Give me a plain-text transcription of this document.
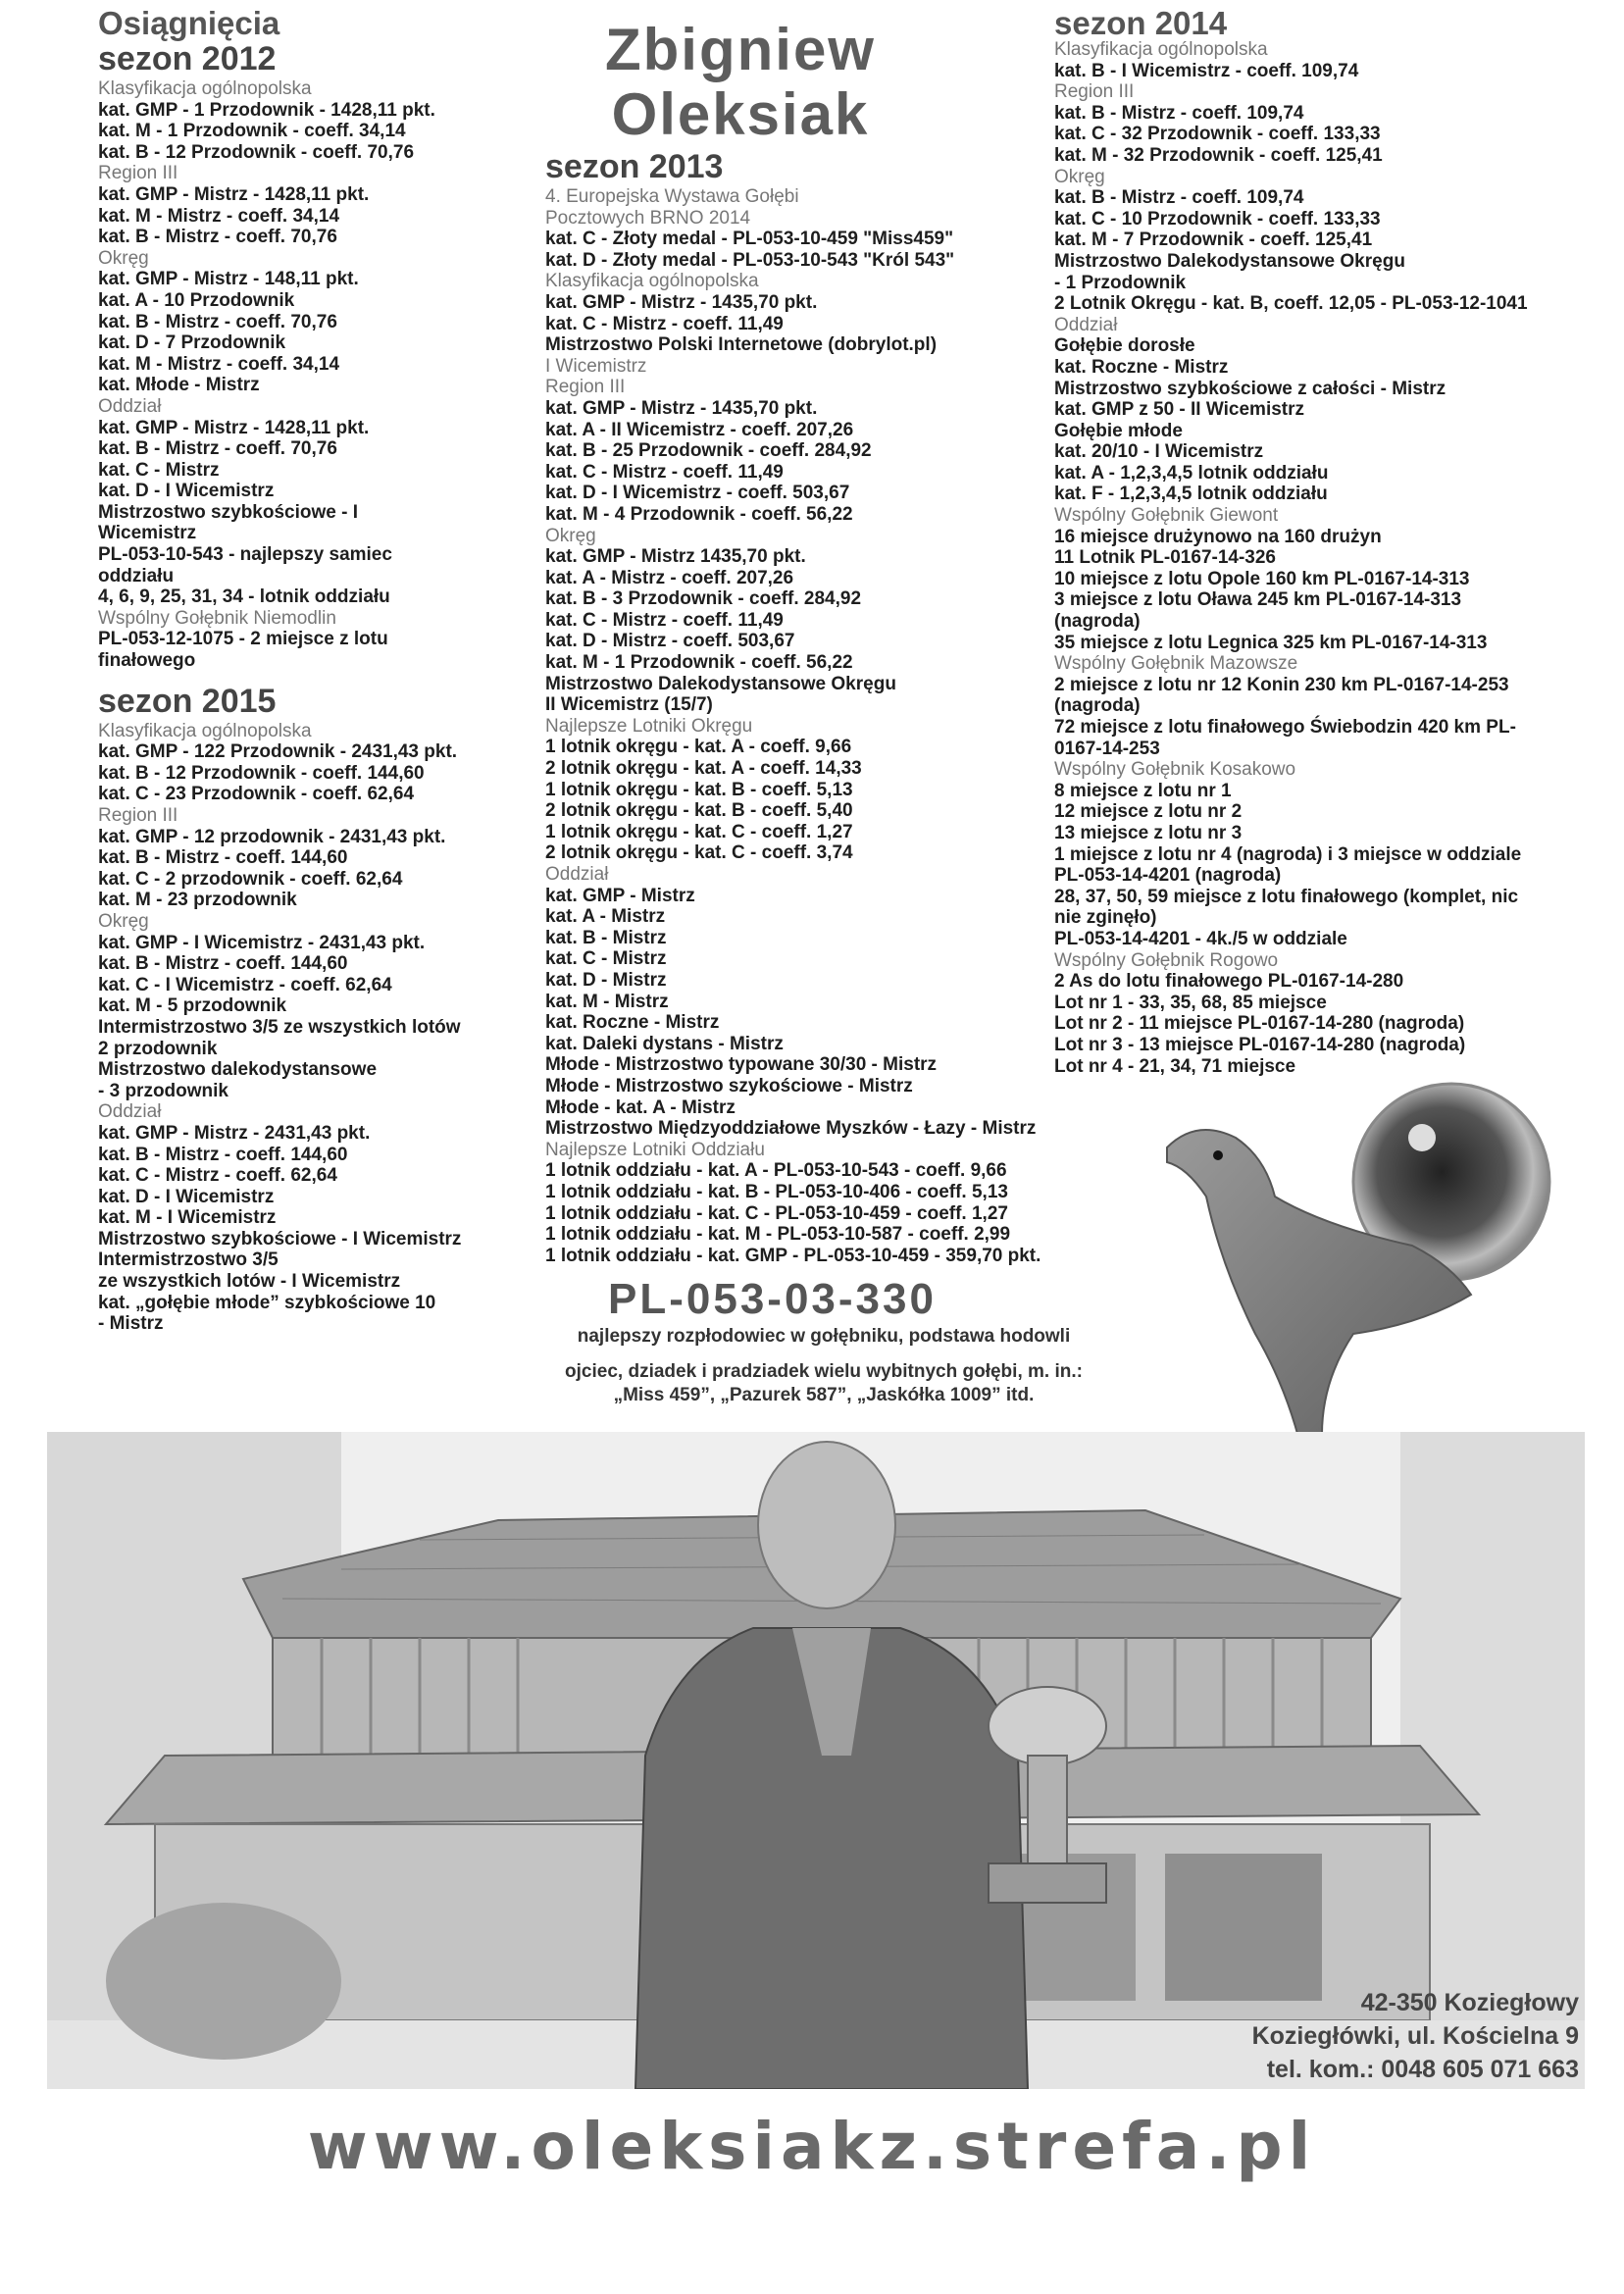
Zbigniew
Oleksiak
Osiągnięcia
sezon 2012
Klasyfikacja ogólnopolska
kat. GMP - 1 Przodownik - 1428,11 pkt.
kat. M - 1 Przodownik - coeff. 34,14
kat. B - 12 Przodownik - coeff. 70,76
Region III
kat. GMP - Mistrz - 1428,11 pkt.
kat. M - Mistrz - coeff. 34,14
kat. B - Mistrz - coeff. 70,76
Okręg
kat. GMP - Mistrz - 148,11 pkt.
kat. A - 10 Przodownik
kat. B - Mistrz - coeff. 70,76
kat. D - 7 Przodownik
kat. M - Mistrz - coeff. 34,14
kat. Młode - Mistrz
Oddział
kat. GMP - Mistrz - 1428,11 pkt.
kat. B - Mistrz - coeff. 70,76
kat. C - Mistrz
kat. D - I Wicemistrz
Mistrzostwo szybkościowe - I
Wicemistrz
PL-053-10-543 - najlepszy samiec
oddziału
4, 6, 9, 25, 31, 34 - lotnik oddziału
Wspólny Gołębnik Niemodlin
PL-053-12-1075 - 2 miejsce z lotu
finałowego
sezon 2015
Klasyfikacja ogólnopolska
kat. GMP - 122 Przodownik - 2431,43 pkt.
kat. B - 12 Przodownik - coeff. 144,60
kat. C - 23 Przodownik - coeff. 62,64
Region III
kat. GMP - 12 przodownik - 2431,43 pkt.
kat. B - Mistrz - coeff. 144,60
kat. C - 2 przodownik - coeff. 62,64
kat. M - 23 przodownik
Okręg
kat. GMP - I Wicemistrz - 2431,43 pkt.
kat. B - Mistrz - coeff. 144,60
kat. C - I Wicemistrz - coeff. 62,64
kat. M - 5 przodownik
Intermistrzostwo 3/5 ze wszystkich lotów
2 przodownik
Mistrzostwo dalekodystansowe
- 3 przodownik
Oddział
kat. GMP - Mistrz - 2431,43 pkt.
kat. B - Mistrz - coeff. 144,60
kat. C - Mistrz - coeff. 62,64
kat. D - I Wicemistrz
kat. M - I Wicemistrz
Mistrzostwo szybkościowe - I Wicemistrz
Intermistrzostwo 3/5
ze wszystkich lotów - I Wicemistrz
kat. „gołębie młode” szybkościowe 10
- Mistrz
sezon 2013
4. Europejska Wystawa Gołębi
Pocztowych BRNO 2014
kat. C - Złoty medal - PL-053-10-459 "Miss459"
kat. D - Złoty medal - PL-053-10-543 "Król 543"
Klasyfikacja ogólnopolska
kat. GMP - Mistrz - 1435,70 pkt.
kat. C - Mistrz - coeff. 11,49
Mistrzostwo Polski Internetowe (dobrylot.pl)
I Wicemistrz
Region III
kat. GMP - Mistrz - 1435,70 pkt.
kat. A - II Wicemistrz - coeff. 207,26
kat. B - 25 Przodownik - coeff. 284,92
kat. C - Mistrz - coeff. 11,49
kat. D - I Wicemistrz - coeff. 503,67
kat. M - 4 Przodownik - coeff. 56,22
Okręg
kat. GMP - Mistrz 1435,70 pkt.
kat. A - Mistrz - coeff. 207,26
kat. B - 3 Przodownik - coeff. 284,92
kat. C - Mistrz - coeff. 11,49
kat. D - Mistrz - coeff. 503,67
kat. M - 1 Przodownik - coeff. 56,22
Mistrzostwo Dalekodystansowe Okręgu
II Wicemistrz (15/7)
Najlepsze Lotniki Okręgu
1 lotnik okręgu - kat. A - coeff. 9,66
2 lotnik okręgu - kat. A - coeff. 14,33
1 lotnik okręgu - kat. B - coeff. 5,13
2 lotnik okręgu - kat. B - coeff. 5,40
1 lotnik okręgu - kat. C - coeff. 1,27
2 lotnik okręgu - kat. C - coeff. 3,74
Oddział
kat. GMP - Mistrz
kat. A - Mistrz
kat. B - Mistrz
kat. C - Mistrz
kat. D - Mistrz
kat. M - Mistrz
kat. Roczne - Mistrz
kat. Daleki dystans - Mistrz
Młode - Mistrzostwo typowane 30/30 - Mistrz
Młode - Mistrzostwo szykościowe - Mistrz
Młode - kat. A - Mistrz
Mistrzostwo Międzyoddziałowe Myszków - Łazy - Mistrz
Najlepsze Lotniki Oddziału
1 lotnik oddziału - kat. A - PL-053-10-543 - coeff. 9,66
1 lotnik oddziału - kat. B - PL-053-10-406 - coeff. 5,13
1 lotnik oddziału - kat. C - PL-053-10-459 - coeff. 1,27
1 lotnik oddziału - kat. M - PL-053-10-587 - coeff. 2,99
1 lotnik oddziału - kat. GMP - PL-053-10-459 - 359,70 pkt.
sezon 2014
Klasyfikacja ogólnopolska
kat. B - I Wicemistrz - coeff. 109,74
Region III
kat. B - Mistrz - coeff. 109,74
kat. C - 32 Przodownik - coeff. 133,33
kat. M - 32 Przodownik - coeff. 125,41
Okręg
kat. B - Mistrz - coeff. 109,74
kat. C - 10 Przodownik - coeff. 133,33
kat. M - 7 Przodownik - coeff. 125,41
Mistrzostwo Dalekodystansowe Okręgu
- 1 Przodownik
2 Lotnik Okręgu - kat. B, coeff. 12,05 - PL-053-12-1041
Oddział
Gołębie dorosłe
kat. Roczne - Mistrz
Mistrzostwo szybkościowe z całości - Mistrz
kat. GMP z 50 - II Wicemistrz
Gołębie młode
kat. 20/10 - I Wicemistrz
kat. A - 1,2,3,4,5 lotnik oddziału
kat. F - 1,2,3,4,5 lotnik oddziału
Wspólny Gołębnik Giewont
16 miejsce drużynowo na 160 drużyn
11 Lotnik PL-0167-14-326
10 miejsce z lotu Opole 160 km PL-0167-14-313
3 miejsce z lotu Oława 245 km PL-0167-14-313
(nagroda)
35 miejsce z lotu Legnica 325 km PL-0167-14-313
Wspólny Gołębnik Mazowsze
2 miejsce z lotu nr 12 Konin 230 km PL-0167-14-253
(nagroda)
72 miejsce z lotu finałowego Świebodzin 420 km PL-
0167-14-253
Wspólny Gołębnik Kosakowo
8 miejsce z lotu nr 1
12 miejsce z lotu nr 2
13 miejsce z lotu nr 3
1 miejsce z lotu nr 4 (nagroda) i 3 miejsce w oddziale
PL-053-14-4201 (nagroda)
28, 37, 50, 59 miejsce z lotu finałowego (komplet, nic
nie zginęło)
PL-053-14-4201 - 4k./5 w oddziale
Wspólny Gołębnik Rogowo
2 As do lotu finałowego PL-0167-14-280
Lot nr 1 - 33, 35, 68, 85 miejsce
Lot nr 2 - 11 miejsce PL-0167-14-280 (nagroda)
Lot nr 3 - 13 miejsce PL-0167-14-280 (nagroda)
Lot nr 4 - 21, 34, 71 miejsce
PL-053-03-330
najlepszy rozpłodowiec w gołębniku, podstawa hodowli
ojciec, dziadek i pradziadek wielu wybitnych gołębi, m. in.:
„Miss 459”, „Pazurek 587”, „Jaskółka 1009” itd.
42-350 Koziegłowy
Koziegłówki, ul. Kościelna 9
tel. kom.: 0048 605 071 663
www.oleksiakz.strefa.pl
